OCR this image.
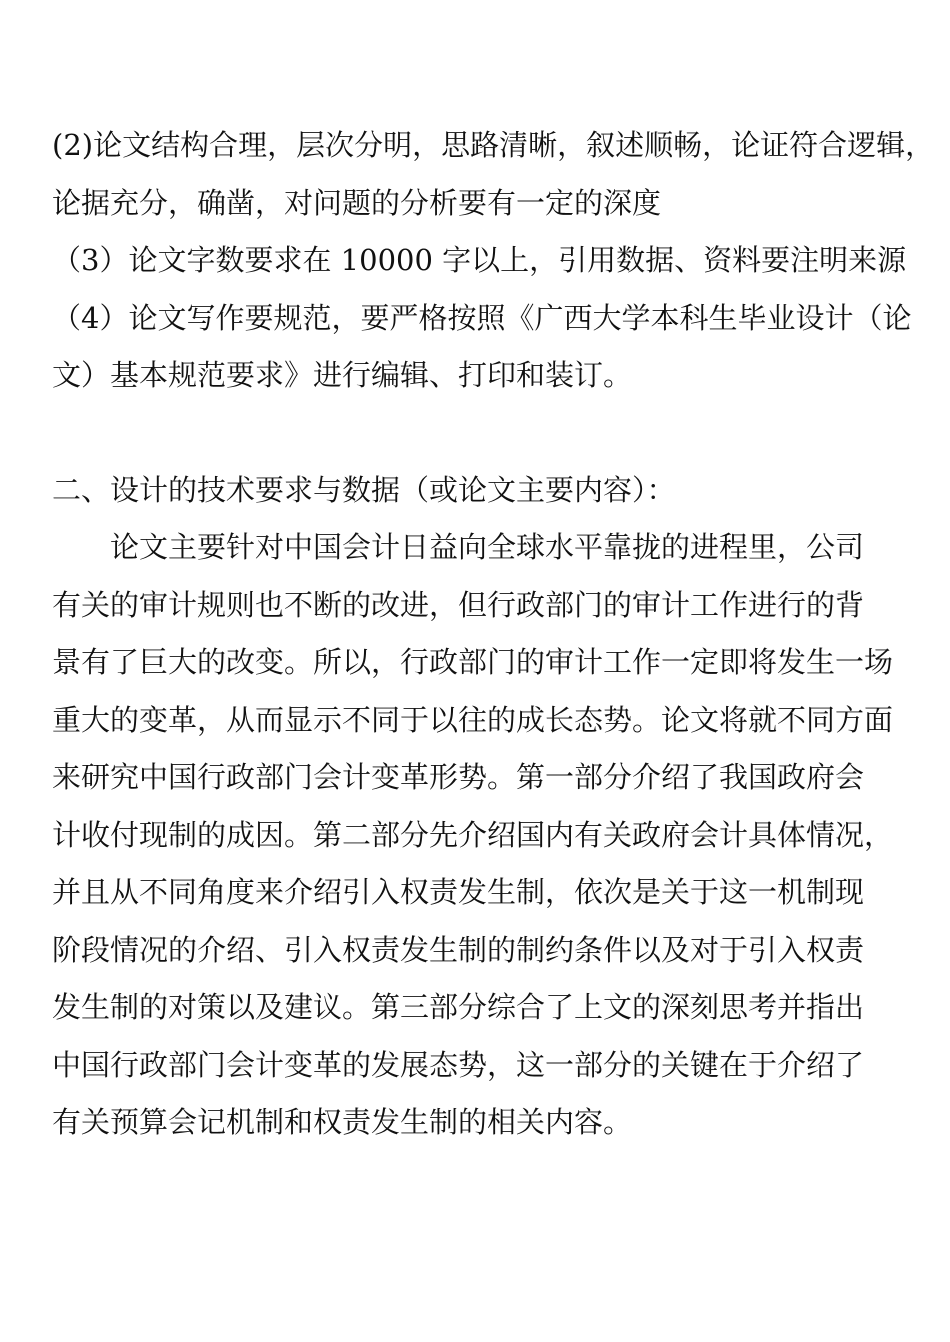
(2)论文结构合理，层次分明，思路清晰，叙述顺畅，论证符合逻辑，
论据充分，确凿，对问题的分析要有一定的深度
（3）论文字数要求在 10000 字以上，引用数据、资料要注明来源
（4）论文写作要规范，要严格按照《广西大学本科生毕业设计（论
文）基本规范要求》进行编辑、打印和装订。
二、设计的技术要求与数据（或论文主要内容）：
论文主要针对中国会计日益向全球水平靠拢的进程里，公司
有关的审计规则也不断的改进，但行政部门的审计工作进行的背
景有了巨大的改变。所以，行政部门的审计工作一定即将发生一场
重大的变革，从而显示不同于以往的成长态势。论文将就不同方面
来研究中国行政部门会计变革形势。第一部分介绍了我国政府会
计收付现制的成因。第二部分先介绍国内有关政府会计具体情况，
并且从不同角度来介绍引入权责发生制，依次是关于这一机制现
阶段情况的介绍、引入权责发生制的制约条件以及对于引入权责
发生制的对策以及建议。第三部分综合了上文的深刻思考并指出
中国行政部门会计变革的发展态势，这一部分的关键在于介绍了
有关预算会记机制和权责发生制的相关内容。
